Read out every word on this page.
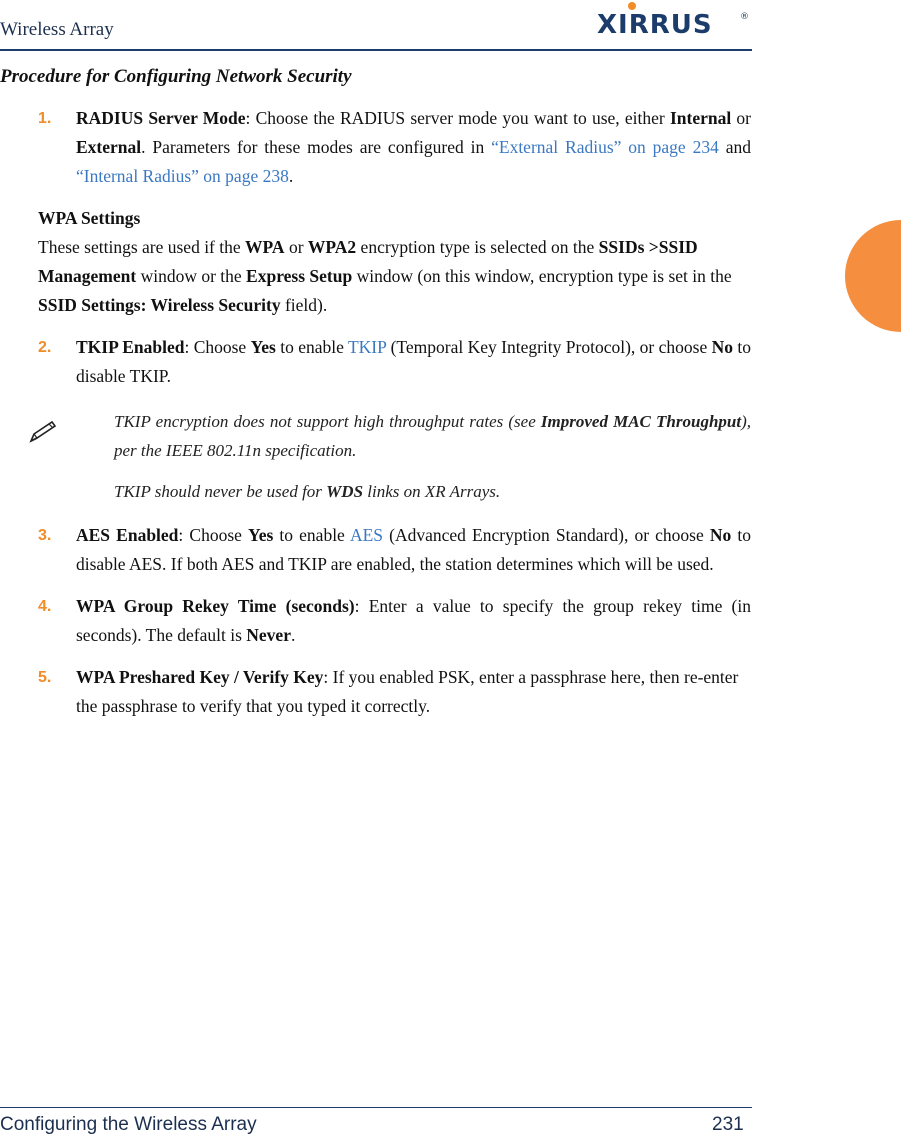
Wireless Array	XIRRUS	®
Procedure for Configuring Network Security
1.	RADIUS Server Mode: Choose the RADIUS server mode you want to use, either Internal or External. Parameters for these modes are configured in “External Radius” on page 234 and “Internal Radius” on page 238.
WPA Settings
These settings are used if the WPA or WPA2 encryption type is selected on the SSIDs >SSID Management window or the Express Setup window (on this window, encryption type is set in the SSID Settings: Wireless Security field).
2.	TKIP Enabled: Choose Yes to enable TKIP (Temporal Key Integrity Protocol), or choose No to disable TKIP.

TKIP encryption does not support high throughput rates (see Improved MAC Throughput), per the IEEE 802.11n specification.

TKIP should never be used for WDS links on XR Arrays.

3.	AES Enabled: Choose Yes to enable AES (Advanced Encryption Standard), or choose No to disable AES. If both AES and TKIP are enabled, the station determines which will be used.
4.	WPA Group Rekey Time (seconds): Enter a value to specify the group rekey time (in seconds). The default is Never.
5.	WPA Preshared Key / Verify Key: If you enabled PSK, enter a passphrase here, then re-enter the passphrase to verify that you typed it correctly.
Configuring the Wireless Array	231
